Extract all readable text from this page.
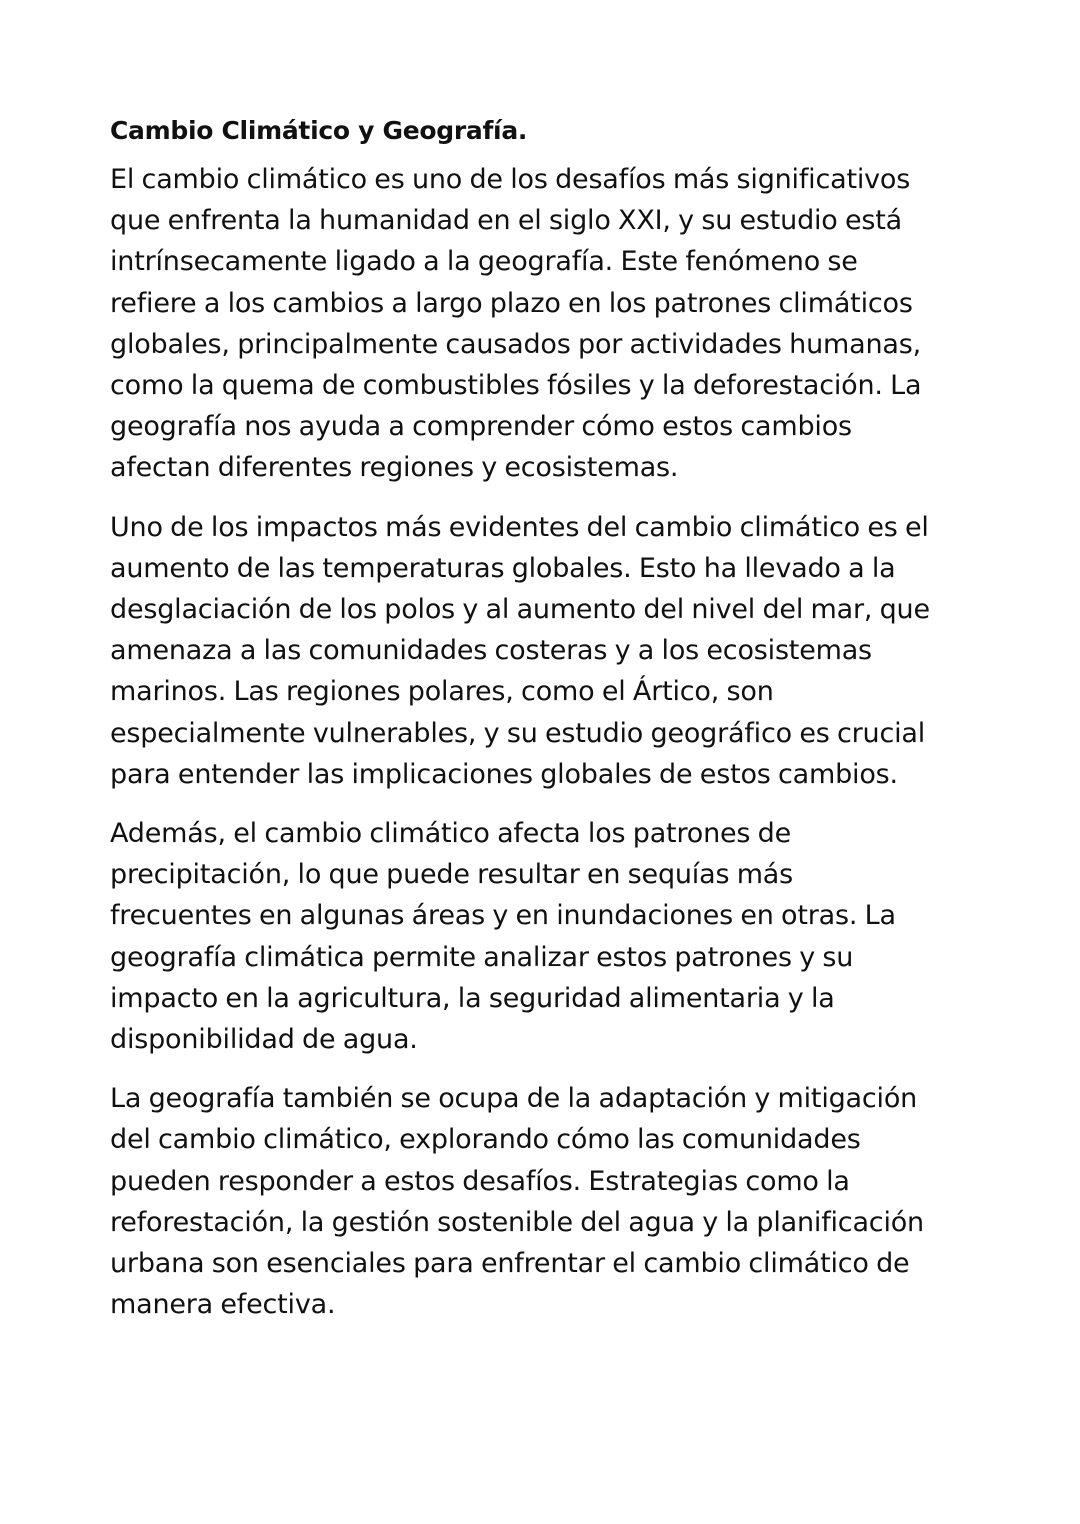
Cambio Climático y Geografía.

El cambio climático es uno de los desafíos más significativos que enfrenta la humanidad en el siglo XXI, y su estudio está intrínsecamente ligado a la geografía. Este fenómeno se refiere a los cambios a largo plazo en los patrones climáticos globales, principalmente causados por actividades humanas, como la quema de combustibles fósiles y la deforestación. La geografía nos ayuda a comprender cómo estos cambios afectan diferentes regiones y ecosistemas.

Uno de los impactos más evidentes del cambio climático es el aumento de las temperaturas globales. Esto ha llevado a la desglaciación de los polos y al aumento del nivel del mar, que amenaza a las comunidades costeras y a los ecosistemas marinos. Las regiones polares, como el Ártico, son especialmente vulnerables, y su estudio geográfico es crucial para entender las implicaciones globales de estos cambios.

Además, el cambio climático afecta los patrones de precipitación, lo que puede resultar en sequías más frecuentes en algunas áreas y en inundaciones en otras. La geografía climática permite analizar estos patrones y su impacto en la agricultura, la seguridad alimentaria y la disponibilidad de agua.

La geografía también se ocupa de la adaptación y mitigación del cambio climático, explorando cómo las comunidades pueden responder a estos desafíos. Estrategias como la reforestación, la gestión sostenible del agua y la planificación urbana son esenciales para enfrentar el cambio climático de manera efectiva.
